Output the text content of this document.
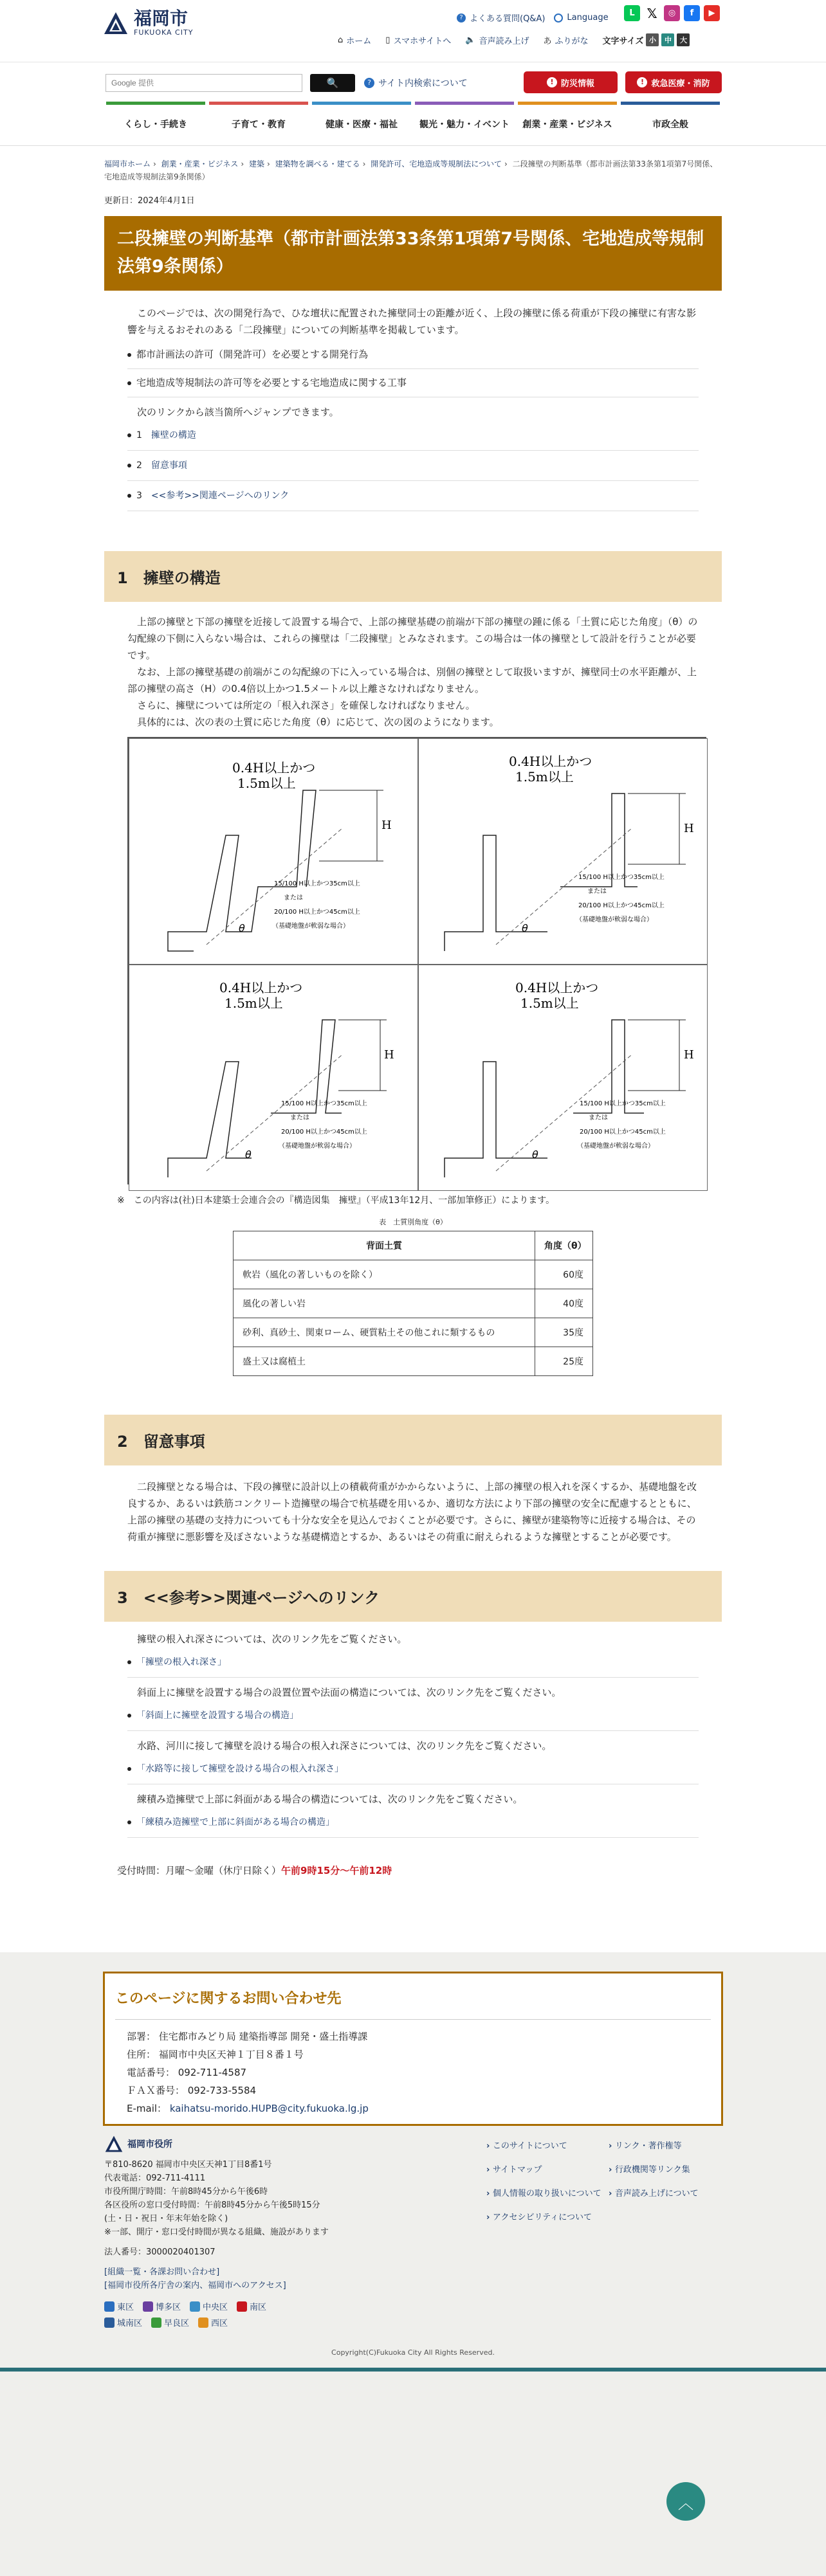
福岡市
FUKUOKA CITY
? よくある質問(Q&A)	Language	L 𝕏	◎	f	▶
⌂ ホーム ▯ スマホサイトへ 🔈 音声読み上げ あ ふりがな 文字サイズ 小	中	大
Google 提供
🔍	? サイト内検索について	! 防災情報	! 救急医療・消防
くらし・手続き	子育て・教育	健康・医療・福祉	観光・魅力・イベント	創業・産業・ビジネス	市政全般
福岡市ホーム › 創業・産業・ビジネス › 建築 › 建築物を調べる・建てる › 開発許可、宅地造成等規制法について › 二段擁壁の判断基準（都市計画法第33条第1項第7号関係、宅地造成等規制法第9条関係）
更新日：2024年4月1日
二段擁壁の判断基準（都市計画法第33条第1項第7号関係、宅地造成等規制法第9条関係）

このページでは、次の開発行為で、ひな壇状に配置された擁壁同士の距離が近く、上段の擁壁に係る荷重が下段の擁壁に有害な影響を与えるおそれのある「二段擁壁」についての判断基準を掲載しています。

都市計画法の許可（開発許可）を必要とする開発行為
宅地造成等規制法の許可等を必要とする宅地造成に関する工事

次のリンクから該当箇所へジャンプできます。

1　 擁壁の構造
2　 留意事項
3　 <<参考>>関連ページへのリンク
1　擁壁の構造

上部の擁壁と下部の擁壁を近接して設置する場合で、上部の擁壁基礎の前端が下部の擁壁の踵に係る「土質に応じた角度」（θ）の勾配線の下側に入らない場合は、これらの擁壁は「二段擁壁」とみなされます。この場合は一体の擁壁として設計を行うことが必要です。

なお、上部の擁壁基礎の前端がこの勾配線の下に入っている場合は、別個の擁壁として取扱いますが、擁壁同士の水平距離が、上部の擁壁の高さ（H）の0.4倍以上かつ1.5メートル以上離さなければなりません。

さらに、擁壁については所定の「根入れ深さ」を確保しなければなりません。

具体的には、次の表の土質に応じた角度（θ）に応じて、次の図のようになります。

0.4H以上かつ
1.5m以上
H
θ
15/100 H以上かつ35cm以上
または
20/100 H以上かつ45cm以上
（基礎地盤が軟弱な場合）
0.4H以上かつ
1.5m以上
H
θ
15/100 H以上かつ35cm以上
または
20/100 H以上かつ45cm以上
（基礎地盤が軟弱な場合）
0.4H以上かつ
1.5m以上
H
θ
15/100 H以上かつ35cm以上
または
20/100 H以上かつ45cm以上
（基礎地盤が軟弱な場合）
0.4H以上かつ
1.5m以上
H
θ
15/100 H以上かつ35cm以上
または
20/100 H以上かつ45cm以上
（基礎地盤が軟弱な場合）

※　この内容は(社)日本建築士会連合会の『構造図集　擁壁』（平成13年12月、一部加筆修正）によります。

表　土質別角度（θ）

背面土質	角度（θ）
軟岩（風化の著しいものを除く）	60度
風化の著しい岩	40度
砂利、真砂土、関東ローム、硬質粘土その他これに類するもの	35度
盛土又は腐植土	25度
2　留意事項

二段擁壁となる場合は、下段の擁壁に設計以上の積載荷重がかからないように、上部の擁壁の根入れを深くするか、基礎地盤を改良するか、あるいは鉄筋コンクリート造擁壁の場合で杭基礎を用いるか、適切な方法により下部の擁壁の安全に配慮するとともに、上部の擁壁の基礎の支持力についても十分な安全を見込んでおくことが必要です。さらに、擁壁が建築物等に近接する場合は、その荷重が擁壁に悪影響を及ぼさないような基礎構造とするか、あるいはその荷重に耐えられるような擁壁とすることが必要です。

3　<<参考>>関連ページへのリンク

擁壁の根入れ深さについては、次のリンク先をご覧ください。

「擁壁の根入れ深さ」

斜面上に擁壁を設置する場合の設置位置や法面の構造については、次のリンク先をご覧ください。

「斜面上に擁壁を設置する場合の構造」

水路、河川に接して擁壁を設ける場合の根入れ深さについては、次のリンク先をご覧ください。

「水路等に接して擁壁を設ける場合の根入れ深さ」

練積み造擁壁で上部に斜面がある場合の構造については、次のリンク先をご覧ください。

「練積み造擁壁で上部に斜面がある場合の構造」

受付時間：月曜～金曜（休庁日除く）午前9時15分～午前12時

このページに関するお問い合わせ先

部署： 住宅都市みどり局 建築指導部 開発・盛土指導課

住所： 福岡市中央区天神１丁目８番１号

電話番号： 092-711-4587

ＦＡＸ番号： 092-733-5584

E-mail： kaihatsu-morido.HUPB@city.fukuoka.lg.jp

福岡市役所

〒810-8620 福岡市中央区天神1丁目8番1号

代表電話：092-711-4111

市役所開庁時間：午前8時45分から午後6時

各区役所の窓口受付時間：午前8時45分から午後5時15分

(土・日・祝日・年末年始を除く)

※一部、開庁・窓口受付時間が異なる組織、施設があります

法人番号：3000020401307

[組織一覧・各課お問い合わせ]

[福岡市役所各庁舎の案内、福岡市へのアクセス]

東区	博多区	中央区	南区
城南区	早良区	西区
› このサイトについて	› リンク・著作権等
› サイトマップ	› 行政機関等リンク集
› 個人情報の取り扱いについて	› 音声読み上げについて
› アクセシビリティについて

Copyright(C)Fukuoka City All Rights Reserved.

︿
